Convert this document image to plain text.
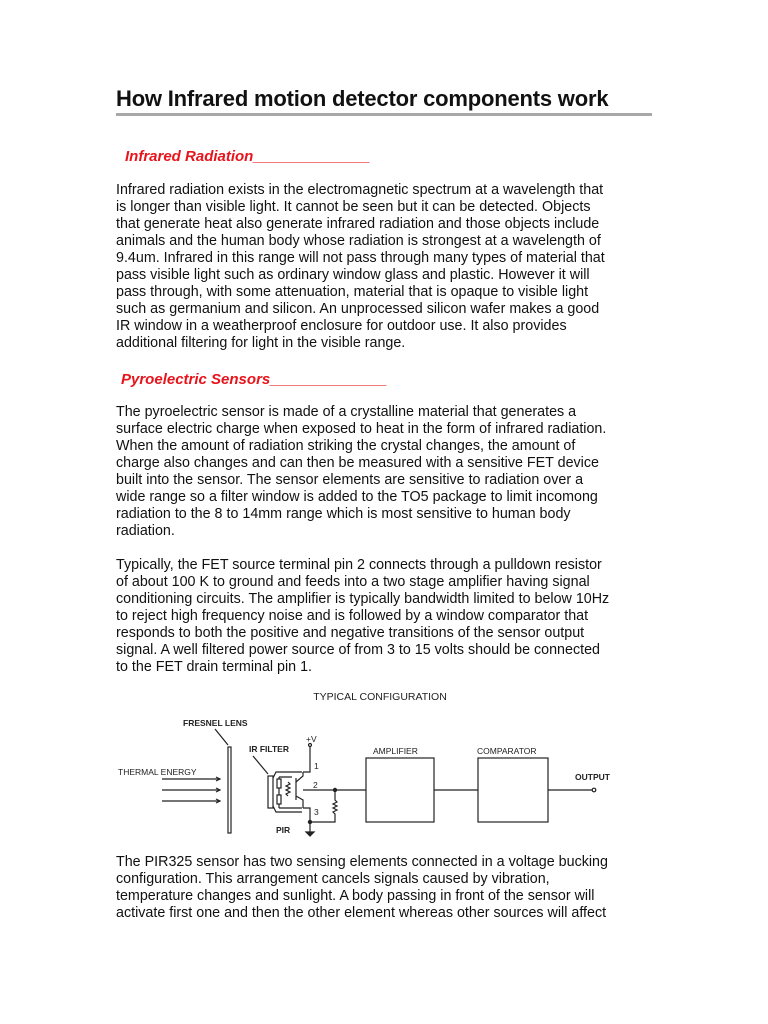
How Infrared motion detector components work
Infrared Radiation______________
Infrared radiation exists in the electromagnetic spectrum at a wavelength that
is longer than visible light. It cannot be seen but it can be detected. Objects
that generate heat also generate infrared radiation and those objects include
animals and the human body whose radiation is strongest at a wavelength of
9.4um. Infrared in this range will not pass through many types of material that
pass visible light such as ordinary window glass and plastic. However it will
pass through, with some attenuation, material that is opaque to visible light
such as germanium and silicon. An unprocessed silicon wafer makes a good
IR window in a weatherproof enclosure for outdoor use. It also provides
additional filtering for light in the visible range.
Pyroelectric Sensors______________
The pyroelectric sensor is made of a crystalline material that generates a
surface electric charge when exposed to heat in the form of infrared radiation.
When the amount of radiation striking the crystal changes, the amount of
charge also changes and can then be measured with a sensitive FET device
built into the sensor. The sensor elements are sensitive to radiation over a
wide range so a filter window is added to the TO5 package to limit incomong
radiation to the 8 to 14mm range which is most sensitive to human body
radiation.
Typically, the FET source terminal pin 2 connects through a pulldown resistor
of about 100 K to ground and feeds into a two stage amplifier having signal
conditioning circuits. The amplifier is typically bandwidth limited to below 10Hz
to reject high frequency noise and is followed by a window comparator that
responds to both the positive and negative transitions of the sensor output
signal. A well filtered power source of from 3 to 15 volts should be connected
to the FET drain terminal pin 1.
TYPICAL CONFIGURATION
FRESNEL LENS
THERMAL ENERGY
IR FILTER
PIR
+V
1
2
3
AMPLIFIER	COMPARATOR
OUTPUT
The PIR325 sensor has two sensing elements connected in a voltage bucking
configuration. This arrangement cancels signals caused by vibration,
temperature changes and sunlight. A body passing in front of the sensor will
activate first one and then the other element whereas other sources will affect
